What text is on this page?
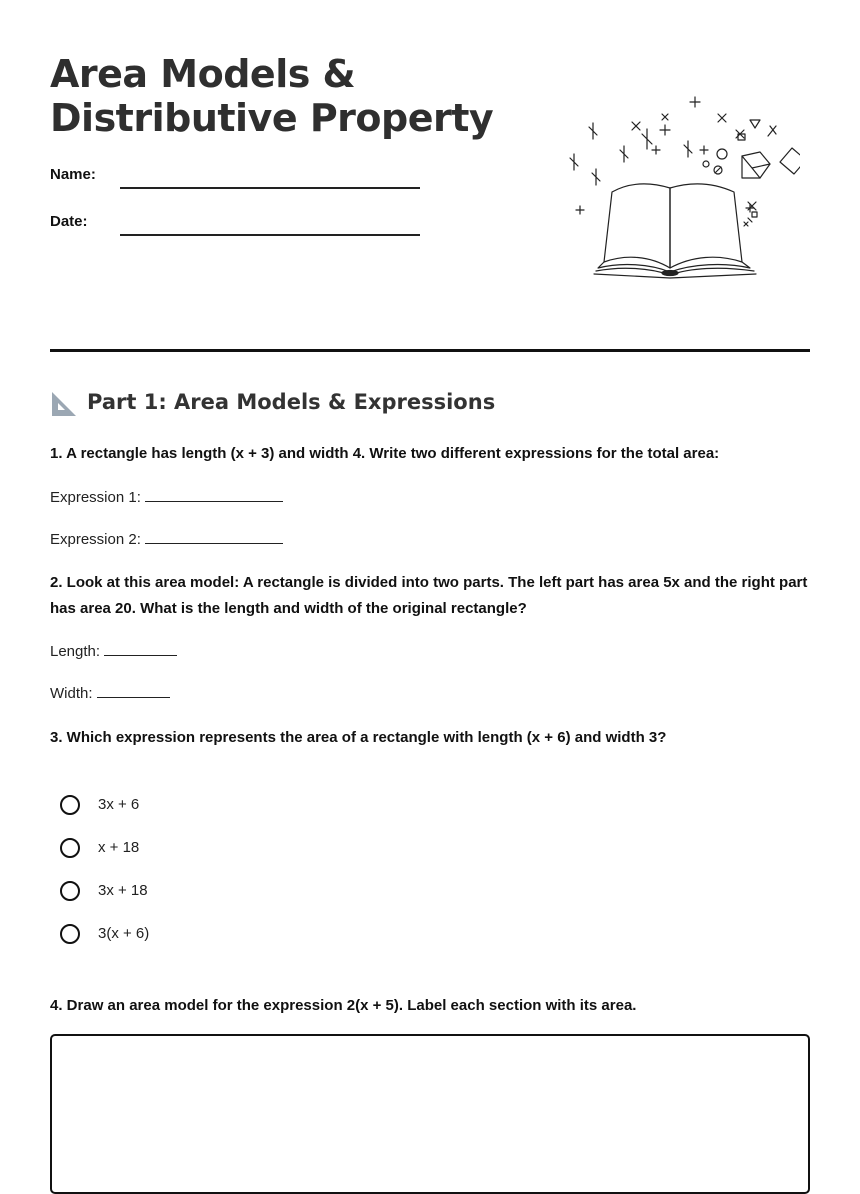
Area Models &
Distributive Property
Name:
Date:
Part 1: Area Models & Expressions
1. A rectangle has length (x + 3) and width 4. Write two different expressions for the total area:
Expression 1:
Expression 2:
2. Look at this area model: A rectangle is divided into two parts. The left part has area 5x and the right part has area 20. What is the length and width of the original rectangle?
Length:
Width:
3. Which expression represents the area of a rectangle with length (x + 6) and width 3?
3x + 6
x + 18
3x + 18
3(x + 6)
4. Draw an area model for the expression 2(x + 5). Label each section with its area.
